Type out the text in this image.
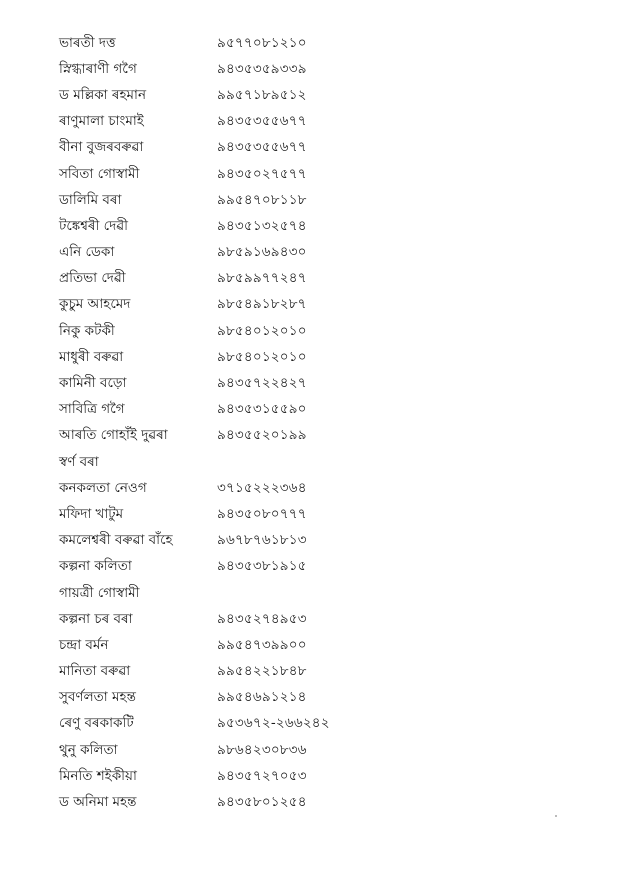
ভাৰতী দত্ত	৯৫৭৭০৮১২১০
স্নিগ্ধাৰাণী গগৈ	৯৪৩৫৩৫৯৩৩৯
ড মল্লিকা ৰহমান	৯৯৫৭১৮৯৫১২
ৰাণুমালা চাংমাই	৯৪৩৫৩৫৫৬৭৭
বীনা বুজৰবৰুৱা	৯৪৩৫৩৫৫৬৭৭
সবিতা গোস্বামী	৯৪৩৫০২৭৫৭৭
ডালিমি বৰা	৯৯৫৪৭০৮১১৮
টঙ্কেশ্বৰী দেৱী	৯৪৩৫১৩২৫৭৪
এনি ডেকা	৯৮৫৯১৬৯৪৩০
প্ৰতিভা দেৱী	৯৮৫৯৯৭৭২৪৭
কুচুম আহমেদ	৯৮৫৪৯১৮২৮৭
নিকু কটকী	৯৮৫৪০১২০১০
মাধুৰী বৰুৱা	৯৮৫৪০১২০১০
কামিনী বড়ো	৯৪৩৫৭২২৪২৭
সাবিত্ৰি গগৈ	৯৪৩৫৩১৫৫৯০
আৰতি গোহাঁই দুৱৰা	৯৪৩৫৫২০১৯৯
স্বৰ্ণ বৰা
কনকলতা নেওগ	৩৭১৫২২২৩৬৪
মফিদা খাটুম	৯৪৩৫০৮০৭৭৭
কমলেশ্বৰী বৰুৱা বাঁহে	৯৬৭৮৭৬১৮১৩
কল্পনা কলিতা	৯৪৩৫৩৮১৯১৫
গায়ত্ৰী গোস্বামী
কল্পনা চৰ বৰা	৯৪৩৫২৭৪৯৫৩
চন্দ্ৰা বৰ্মন	৯৯৫৪৭৩৯৯০০
মানিতা বৰুৱা	৯৯৫৪২২১৮৪৮
সুবৰ্ণলতা মহন্ত	৯৯৫৪৬৯১২১৪
ৰেণু বৰকাকটি	৯৫৩৬৭২-২৬৬২৪২
থুনু কলিতা	৯৮৬৪২৩০৮৩৬
মিনতি শইকীয়া	৯৪৩৫৭২৭০৫৩
ড অনিমা মহন্ত	৯৪৩৫৮০১২৫৪
